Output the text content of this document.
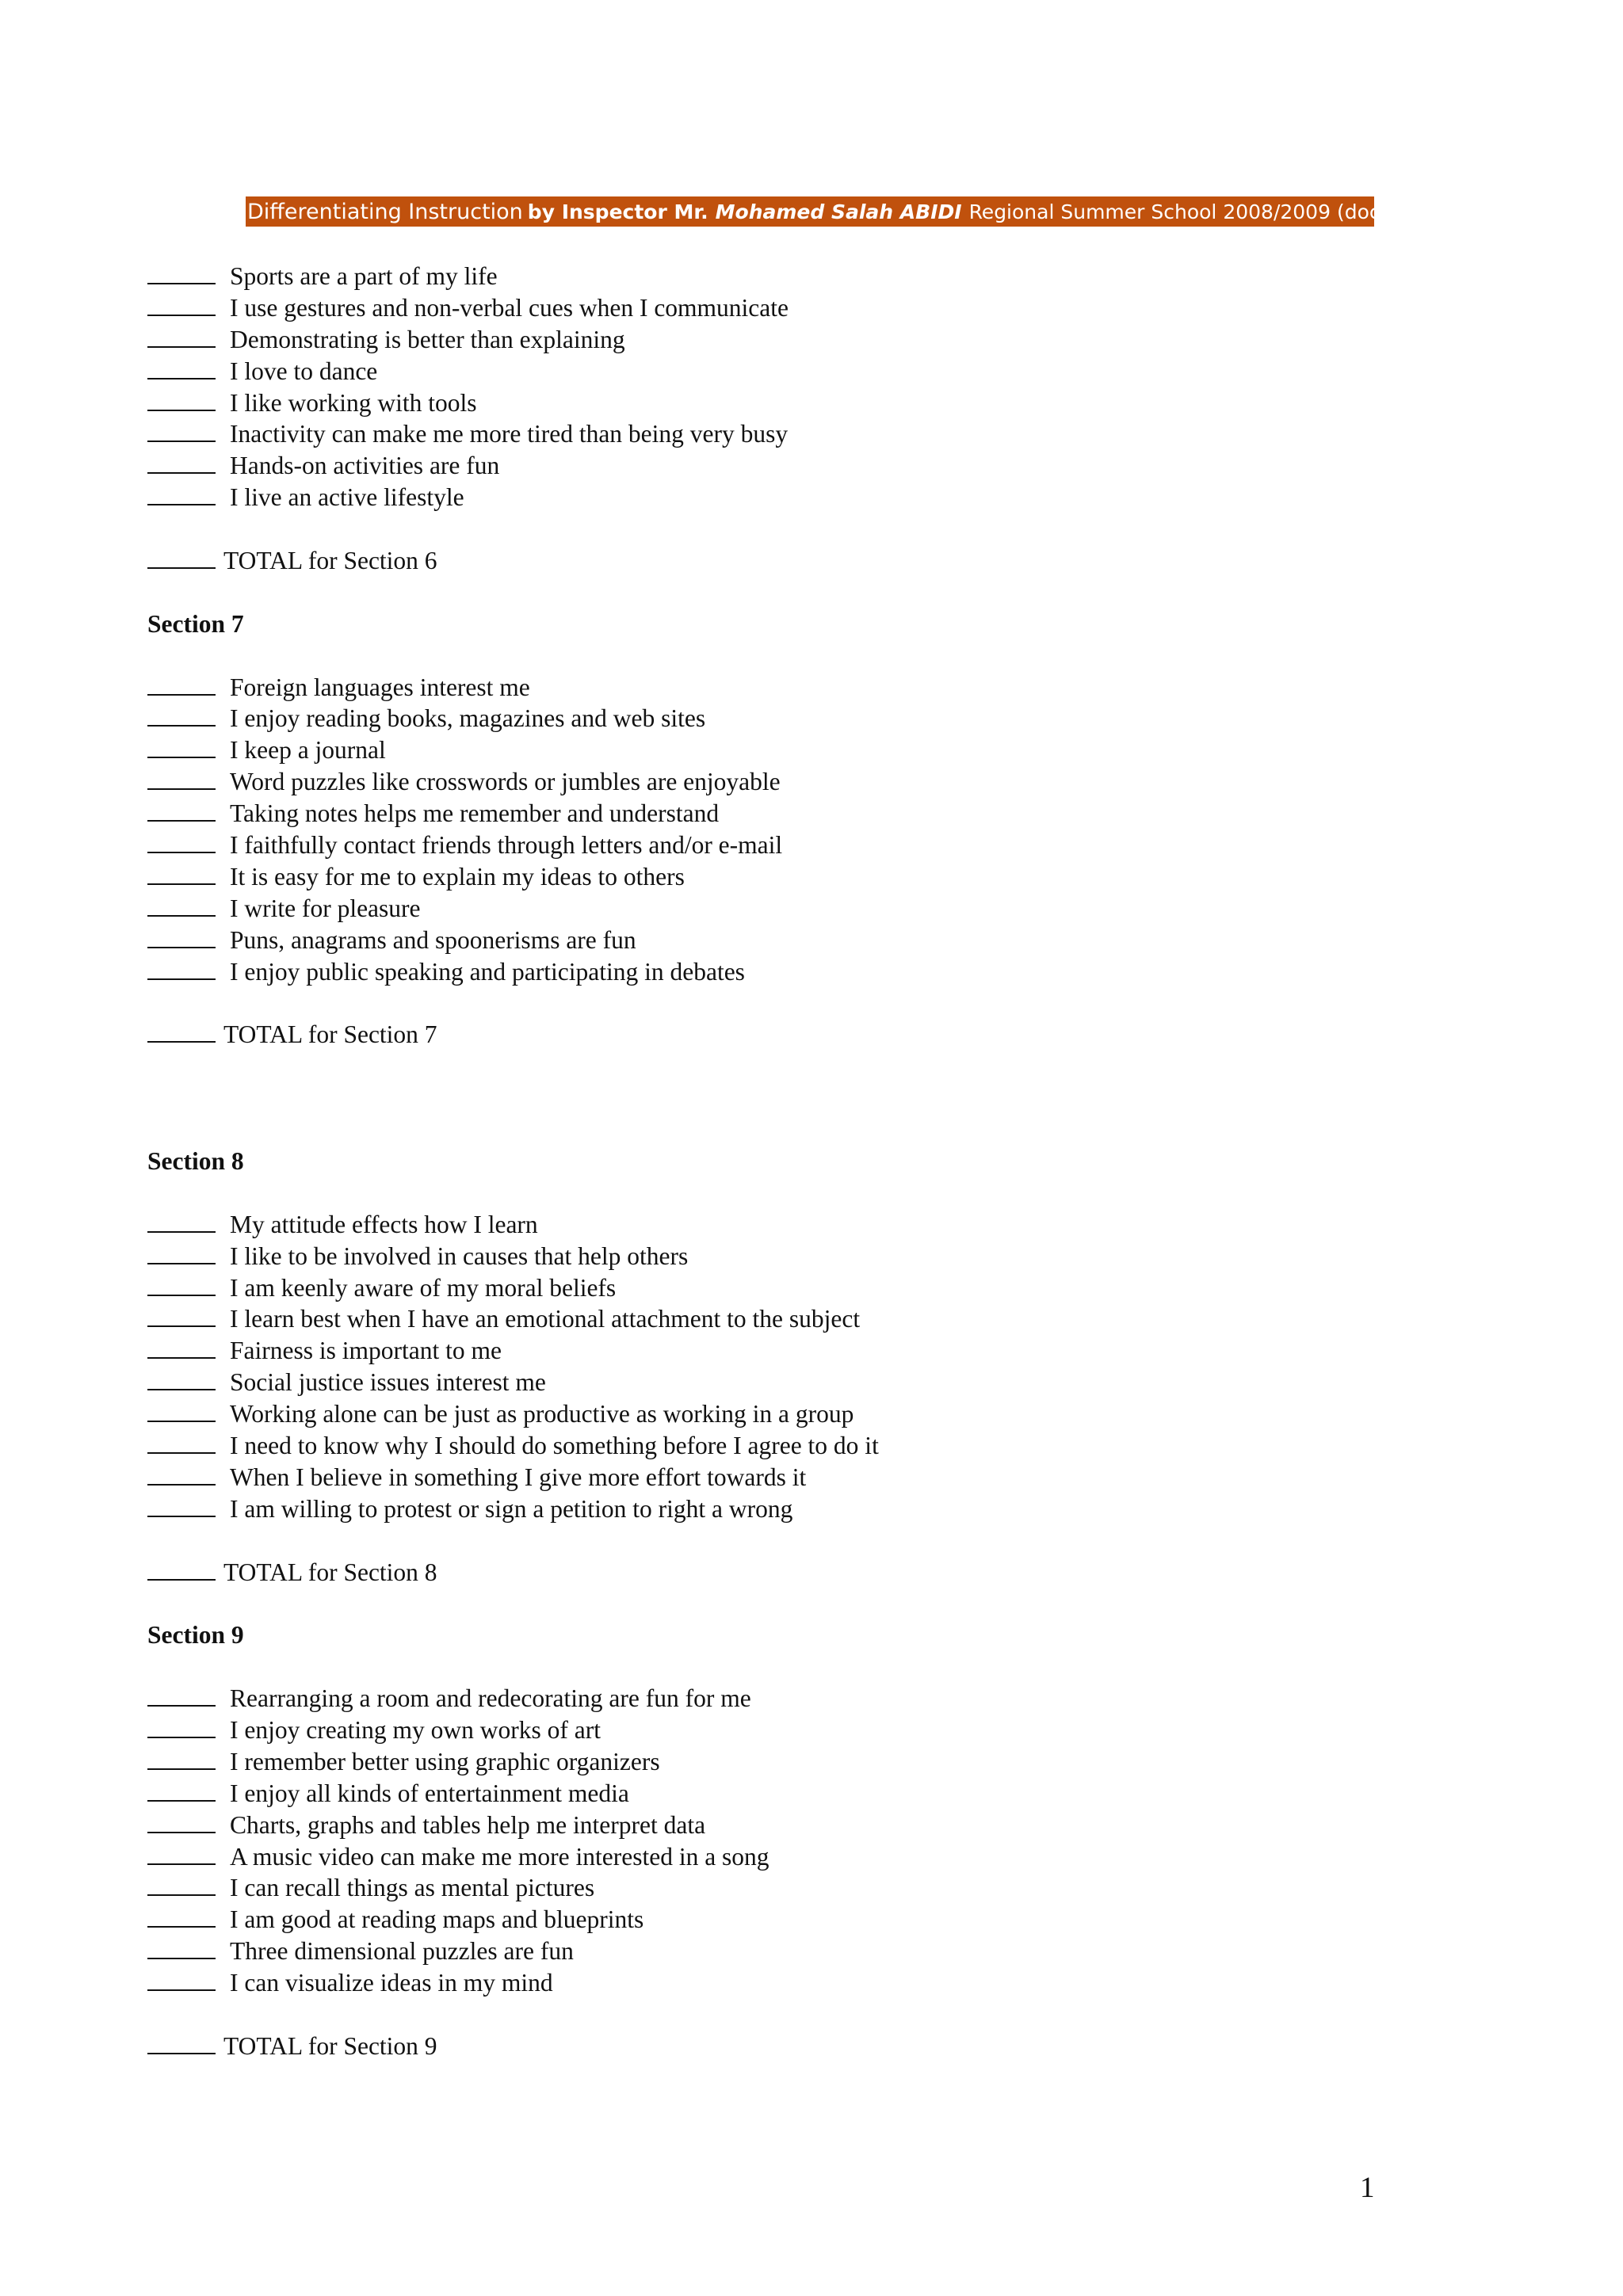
Differentiating Instruction by Inspector Mr. Mohamed Salah ABIDI Regional Summer School 2008/2009 (docs)
Sports are a part of my life
I use gestures and non-verbal cues when I communicate
Demonstrating is better than explaining
I love to dance
I like working with tools
Inactivity can make me more tired than being very busy
Hands-on activities are fun
I live an active lifestyle
TOTAL for Section 6
Section 7
Foreign languages interest me
I enjoy reading books, magazines and web sites
I keep a journal
Word puzzles like crosswords or jumbles are enjoyable
Taking notes helps me remember and understand
I faithfully contact friends through letters and/or e-mail
It is easy for me to explain my ideas to others
I write for pleasure
Puns, anagrams and spoonerisms are fun
I enjoy public speaking and participating in debates
TOTAL for Section 7
Section 8
My attitude effects how I learn
I like to be involved in causes that help others
I am keenly aware of my moral beliefs
I learn best when I have an emotional attachment to the subject
Fairness is important to me
Social justice issues interest me
Working alone can be just as productive as working in a group
I need to know why I should do something before I agree to do it
When I believe in something I give more effort towards it
I am willing to protest or sign a petition to right a wrong
TOTAL for Section 8
Section 9
Rearranging a room and redecorating are fun for me
I enjoy creating my own works of art
I remember better using graphic organizers
I enjoy all kinds of entertainment media
Charts, graphs and tables help me interpret data
A music video can make me more interested in a song
I can recall things as mental pictures
I am good at reading maps and blueprints
Three dimensional puzzles are fun
I can visualize ideas in my mind
TOTAL for Section 9
1
